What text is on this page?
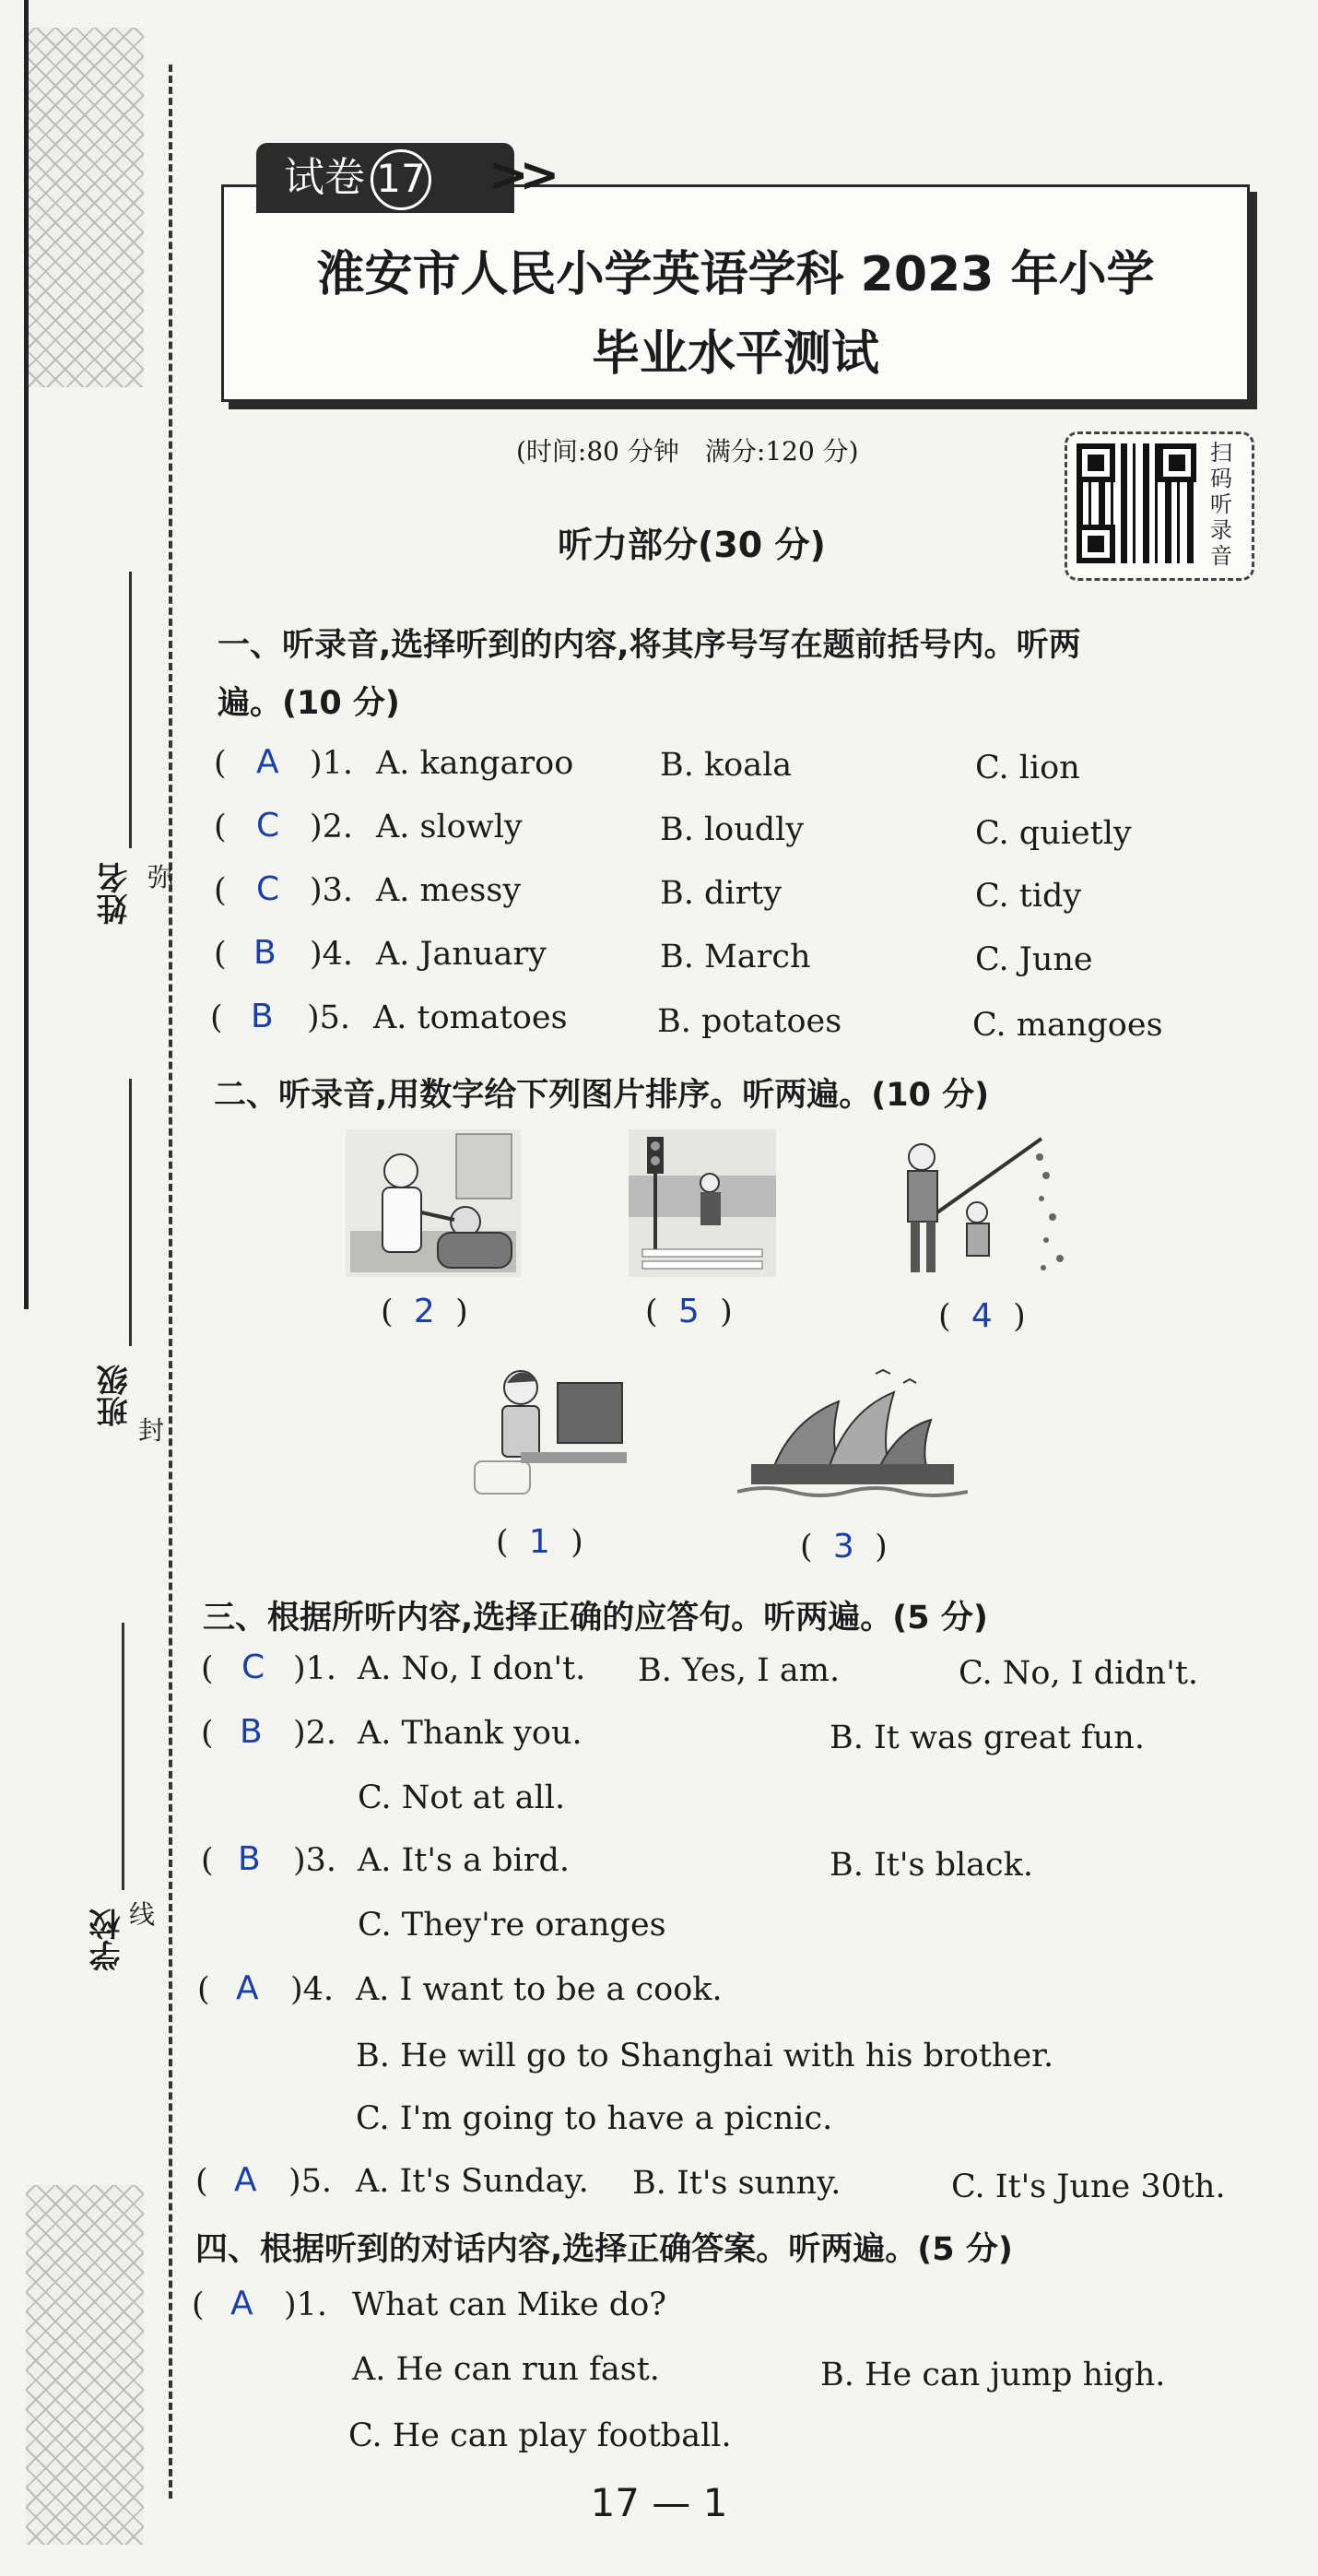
姓名 弥
班级
封
学校 线
淮安市人民小学英语学科 2023 年小学
毕业水平测试
试卷 17	>>
(时间:80 分钟　满分:120 分)	扫码听录音
听力部分(30 分)
一、听录音,选择听到的内容,将其序号写在题前括号内。听两
遍。(10 分)
( A )1. A. kangaroo	B. koala	C. lion
( C )2. A. slowly	B. loudly	C. quietly
( C )3. A. messy	B. dirty	C. tidy
( B )4. A. January	B. March	C. June
( B )5. A. tomatoes	B. potatoes	C. mangoes
二、听录音,用数字给下列图片排序。听两遍。(10 分)
(  2  )	(  5  )	(  4  )
(  1  )	(  3  )
三、根据所听内容,选择正确的应答句。听两遍。(5 分)
( C )1. A. No, I don't. B. Yes, I am.	C. No, I didn't.
( B )2. A. Thank you.	B. It was great fun.
C. Not at all.
( B )3. A. It's a bird.	B. It's black.
C. They're oranges
( A )4. A. I want to be a cook.
B. He will go to Shanghai with his brother.
C. I'm going to have a picnic.
( A )5. A. It's Sunday. B. It's sunny.	C. It's June 30th.
四、根据听到的对话内容,选择正确答案。听两遍。(5 分)
( A )1. What can Mike do?
A. He can run fast.	B. He can jump high.
C. He can play football.
17 — 1
